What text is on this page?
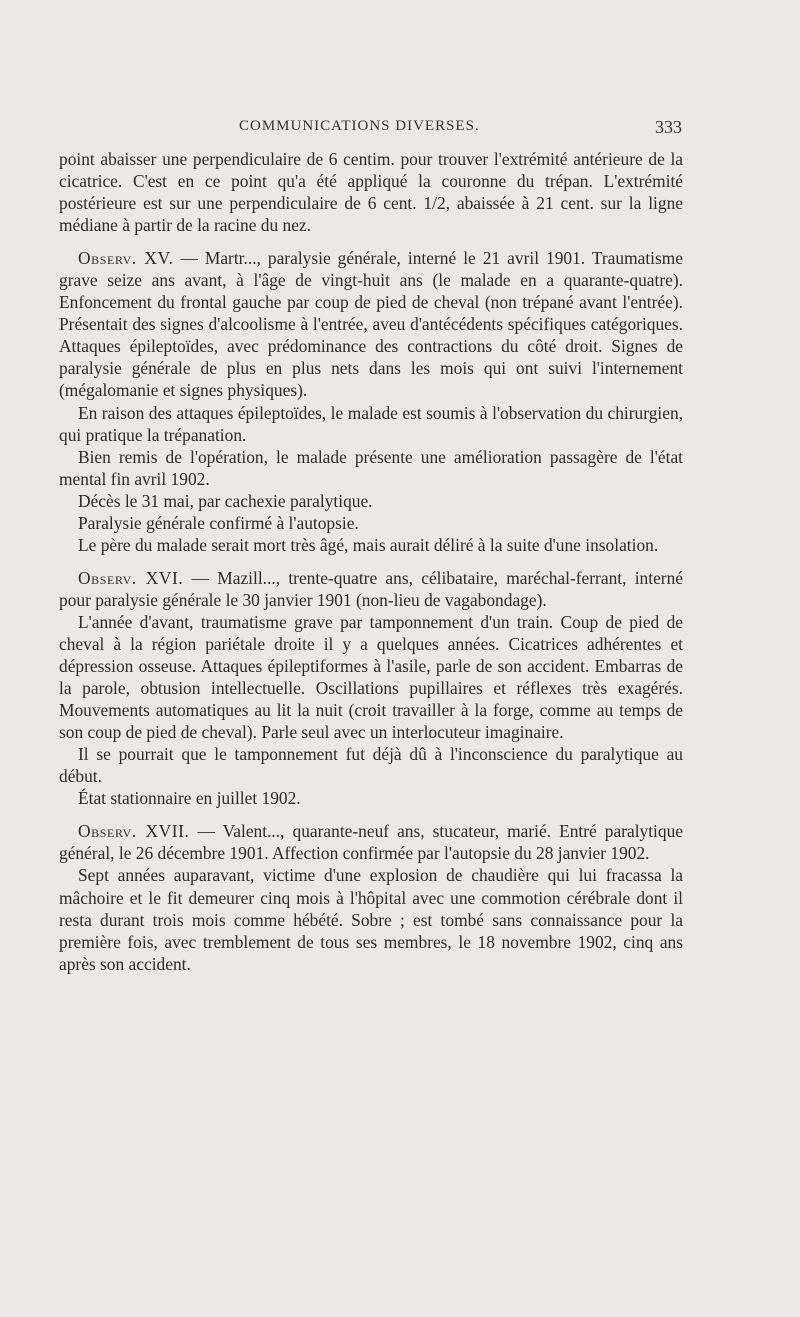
COMMUNICATIONS DIVERSES.	333

point abaisser une perpendiculaire de 6 centim. pour trouver l'extrémité antérieure de la cicatrice. C'est en ce point qu'a été appliqué la couronne du trépan. L'extrémité postérieure est sur une perpendiculaire de 6 cent. 1/2, abaissée à 21 cent. sur la ligne médiane à partir de la racine du nez.

Observ. XV. — Martr..., paralysie générale, interné le 21 avril 1901. Traumatisme grave seize ans avant, à l'âge de vingt-huit ans (le malade en a quarante-quatre). Enfoncement du frontal gauche par coup de pied de cheval (non trépané avant l'entrée). Présentait des signes d'alcoolisme à l'entrée, aveu d'antécédents spécifiques catégoriques. Attaques épileptoïdes, avec prédominance des contractions du côté droit. Signes de paralysie générale de plus en plus nets dans les mois qui ont suivi l'internement (mégalomanie et signes physiques).

En raison des attaques épileptoïdes, le malade est soumis à l'observation du chirurgien, qui pratique la trépanation.

Bien remis de l'opération, le malade présente une amélioration passagère de l'état mental fin avril 1902.

Décès le 31 mai, par cachexie paralytique.

Paralysie générale confirmé à l'autopsie.

Le père du malade serait mort très âgé, mais aurait déliré à la suite d'une insolation.

Observ. XVI. — Mazill..., trente-quatre ans, célibataire, maréchal-ferrant, interné pour paralysie générale le 30 janvier 1901 (non-lieu de vagabondage).

L'année d'avant, traumatisme grave par tamponnement d'un train. Coup de pied de cheval à la région pariétale droite il y a quelques années. Cicatrices adhérentes et dépression osseuse. Attaques épileptiformes à l'asile, parle de son accident. Embarras de la parole, obtusion intellectuelle. Oscillations pupillaires et réflexes très exagérés. Mouvements automatiques au lit la nuit (croit travailler à la forge, comme au temps de son coup de pied de cheval). Parle seul avec un interlocuteur imaginaire.

Il se pourrait que le tamponnement fut déjà dû à l'inconscience du paralytique au début.

État stationnaire en juillet 1902.

Observ. XVII. — Valent..., quarante-neuf ans, stucateur, marié. Entré paralytique général, le 26 décembre 1901. Affection confirmée par l'autopsie du 28 janvier 1902.

Sept années auparavant, victime d'une explosion de chaudière qui lui fracassa la mâchoire et le fit demeurer cinq mois à l'hôpital avec une commotion cérébrale dont il resta durant trois mois comme hébété. Sobre ; est tombé sans connaissance pour la première fois, avec tremblement de tous ses membres, le 18 novembre 1902, cinq ans après son accident.
